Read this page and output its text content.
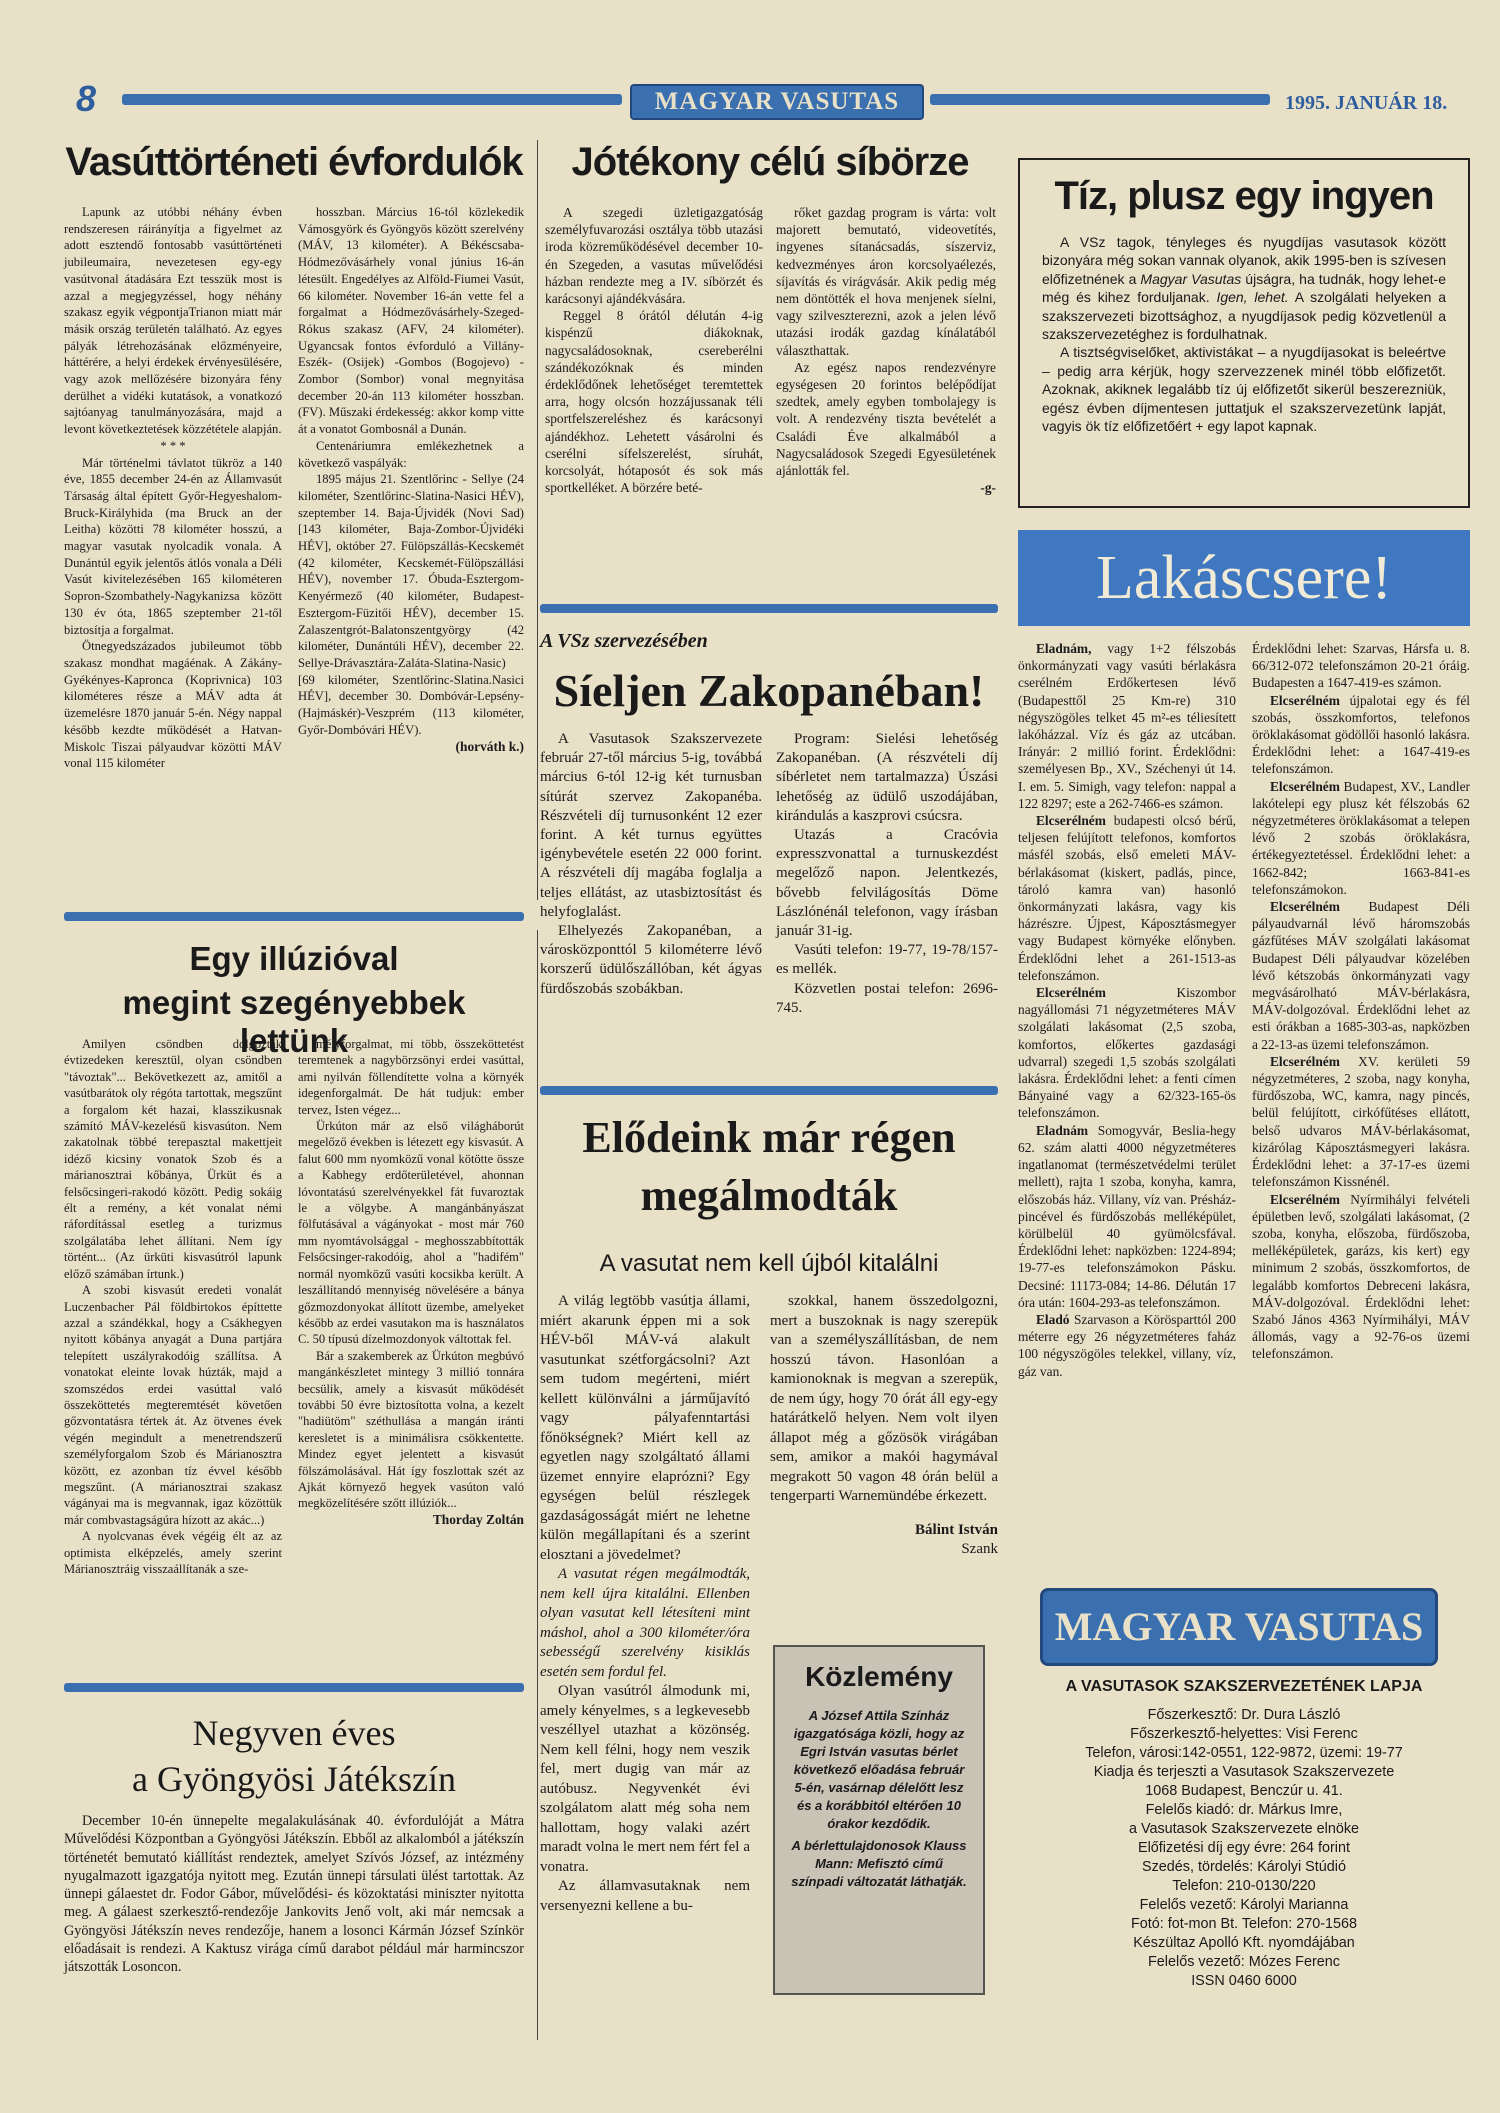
8	MAGYAR VASUTAS	1995. JANUÁR 18.
Vasúttörténeti évfordulók

Lapunk az utóbbi néhány évben rendszeresen ráirányítja a figyelmet az adott esztendő fontosabb vasúttörténeti jubileumaira, nevezetesen egy-egy vasútvonal átadására Ezt tesszük most is azzal a megjegyzéssel, hogy néhány szakasz egyik végpontjaTrianon miatt már másik ország területén található. Az egyes pályák létrehozásának előzményeire, háttérére, a helyi érdekek érvényesülésére, vagy azok mellőzésére bizonyára fény derülhet a vidéki kutatások, a vonatkozó sajtóanyag tanulmányozására, majd a levont következtetések közzététele alapján.

* * *

Már történelmi távlatot tükröz a 140 éve, 1855 december 24-én az Államvasút Társaság által épített Győr-Hegyeshalom-Bruck-Királyhida (ma Bruck an der Leitha) közötti 78 kilométer hosszú, a magyar vasutak nyolcadik vonala. A Dunántúl egyik jelentős átlós vonala a Déli Vasút kivitelezésében 165 kilométeren Sopron-Szombathely-Nagykanizsa között 130 év óta, 1865 szeptember 21-től biztosítja a forgalmat.

Ötnegyedszázados jubileumot több szakasz mondhat magáénak. A Zákány-Gyékényes-Kapronca (Koprivnica) 103 kilométeres része a MÁV adta át üzemelésre 1870 január 5-én. Négy nappal később kezdte működését a Hatvan-Miskolc Tiszai pályaudvar közötti MÁV vonal 115 kilométer

hosszban. Március 16-tól közlekedik Vámosgyörk és Gyöngyös között szerelvény (MÁV, 13 kilométer). A Békéscsaba-Hódmezővásárhely vonal június 16-án létesült. Engedélyes az Alföld-Fiumei Vasút, 66 kilométer. November 16-án vette fel a forgalmat a Hódmezővásárhely-Szeged-Rókus szakasz (AFV, 24 kilométer). Ugyancsak fontos évforduló a Villány-Eszék- (Osijek) -Gombos (Bogojevo) - Zombor (Sombor) vonal megnyitása december 20-án 113 kilométer hosszban. (FV). Műszaki érdekesség: akkor komp vitte át a vonatot Gombosnál a Dunán.

Centenáriumra emlékezhetnek a következő vaspályák:

1895 május 21. Szentlőrinc - Sellye (24 kilométer, Szentlőrinc-Slatina-Nasici HÉV), szeptember 14. Baja-Újvidék (Novi Sad) [143 kilométer, Baja-Zombor-Újvidéki HÉV], október 27. Fülöpszállás-Kecskemét (42 kilométer, Kecskemét-Fülöpszállási HÉV), november 17. Óbuda-Esztergom-Kenyérmező (40 kilométer, Budapest-Esztergom-Füzitői HÉV), december 15. Zalaszentgrót-Balatonszentgyörgy (42 kilométer, Dunántúli HÉV), december 22. Sellye-Drávasztára-Zaláta-Slatina-Nasic) [69 kilométer, Szentlőrinc-Slatina.Nasici HÉV], december 30. Dombóvár-Lepsény-(Hajmáskér)-Veszprém (113 kilométer, Győr-Dombóvári HÉV).

(horváth k.)
Jótékony célú síbörze

A szegedi üzletigazgatóság személyfuvarozási osztálya több utazási iroda közreműködésével december 10-én Szegeden, a vasutas művelődési házban rendezte meg a IV. síbörzét és karácsonyi ajándékvására.

Reggel 8 órától délután 4-ig kispénzű diákoknak, nagycsaládosoknak, csereberélni szándékozóknak és minden érdeklődőnek lehetőséget teremtettek arra, hogy olcsón hozzájussanak téli sportfelszereléshez és karácsonyi ajándékhoz. Lehetett vásárolni és cserélni sífelszerelést, síruhát, korcsolyát, hótaposót és sok más sportkelléket. A börzére beté-

rőket gazdag program is várta: volt majorett bemutató, videovetítés, ingyenes sítanácsadás, síszerviz, kedvezményes áron korcsolyaélezés, síjavítás és virágvásár. Akik pedig még nem döntötték el hova menjenek síelni, vagy szilveszterezni, azok a jelen lévő utazási irodák gazdag kínálatából választhattak.

Az egész napos rendezvényre egységesen 20 forintos belépődíjat szedtek, amely egyben tombolajegy is volt. A rendezvény tiszta bevételét a Családi Éve alkalmából a Nagycsaládosok Szegedi Egyesületének ajánlották fel.

-g-
Tíz, plusz egy ingyen

A VSz tagok, tényleges és nyugdíjas vasutasok között bizonyára még sokan vannak olyanok, akik 1995-ben is szívesen előfizetnének a Magyar Vasutas újságra, ha tudnák, hogy lehet-e még és kihez forduljanak. Igen, lehet. A szolgálati helyeken a szakszervezeti bizottsághoz, a nyugdíjasok pedig közvetlenül a szakszervezetéghez is fordulhatnak.

A tisztségviselőket, aktivistákat – a nyugdíjasokat is beleértve – pedig arra kérjük, hogy szervezzenek minél több előfizetőt. Azoknak, akiknek legalább tíz új előfizetőt sikerül beszerezniük, egész évben díjmentesen juttatjuk el szakszervezetünk lapját, vagyis ök tíz előfizetőért + egy lapot kapnak.

Lakáscsere!

Eladnám, vagy 1+2 félszobás önkormányzati vagy vasúti bérlakásra cserélném Erdőkertesen lévő (Budapesttől 25 Km-re) 310 négyszögöles telket 45 m²-es téliesített lakóházzal. Víz és gáz az utcában. Irányár: 2 millió forint. Érdeklődni: személyesen Bp., XV., Széchenyi út 14. I. em. 5. Simigh, vagy telefon: nappal a 122 8297; este a 262-7466-es számon.

Elcserélném budapesti olcsó bérű, teljesen felújított telefonos, komfortos másfél szobás, első emeleti MÁV-bérlakásomat (kiskert, padlás, pince, tároló kamra van) hasonló önkormányzati lakásra, vagy kis házrészre. Újpest, Káposztásmegyer vagy Budapest környéke előnyben. Érdeklődni lehet a 261-1513-as telefonszámon.

Elcserélném Kiszombor nagyállomási 71 négyzetméteres MÁV szolgálati lakásomat (2,5 szoba, komfortos, előkertes gazdasági udvarral) szegedi 1,5 szobás szolgálati lakásra. Érdeklődni lehet: a fenti címen Bányainé vagy a 62/323-165-ös telefonszámon.

Eladnám Somogyvár, Beslia-hegy 62. szám alatti 4000 négyzetméteres ingatlanomat (természetvédelmi terület mellett), rajta 1 szoba, konyha, kamra, előszobás ház. Villany, víz van. Présház-pincével és fürdőszobás melléképület, körülbelül 40 gyümölcsfával. Érdeklődni lehet: napközben: 1224-894; 19-77-es telefonszámokon Pásku. Decsiné: 11173-084; 14-86. Délután 17 óra után: 1604-293-as telefonszámon.

Eladó Szarvason a Körösparttól 200 méterre egy 26 négyzetméteres faház 100 négyszögöles telekkel, villany, víz, gáz van.

Érdeklődni lehet: Szarvas, Hársfa u. 8. 66/312-072 telefonszámon 20-21 óráig. Budapesten a 1647-419-es számon.

Elcserélném újpalotai egy és fél szobás, összkomfortos, telefonos öröklakásomat gödöllői hasonló lakásra. Érdeklődni lehet: a 1647-419-es telefonszámon.

Elcserélném Budapest, XV., Landler lakótelepi egy plusz két félszobás 62 négyzetméteres öröklakásomat a telepen lévő 2 szobás öröklakásra, értékegyeztetéssel. Érdeklődni lehet: a 1662-842; 1663-841-es telefonszámokon.

Elcserélném Budapest Déli pályaudvarnál lévő háromszobás gázfűtéses MÁV szolgálati lakásomat Budapest Déli pályaudvar közelében lévő kétszobás önkormányzati vagy megvásárolható MÁV-bérlakásra, MÁV-dolgozóval. Érdeklődni lehet az esti órákban a 1685-303-as, napközben a 22-13-as üzemi telefonszámon.

Elcserélném XV. kerületi 59 négyzetméteres, 2 szoba, nagy konyha, fürdőszoba, WC, kamra, nagy pincés, belül felújított, cirkófűtéses ellátott, belső udvaros MÁV-bérlakásomat, kizárólag Káposztásmegyeri lakásra. Érdeklődni lehet: a 37-17-es üzemi telefonszámon Kissnénél.

Elcserélném Nyírmihályi felvételi épületben levő, szolgálati lakásomat, (2 szoba, konyha, előszoba, fürdőszoba, melléképületek, garázs, kis kert) egy minimum 2 szobás, összkomfortos, de legalább komfortos Debreceni lakásra, MÁV-dolgozóval. Érdeklődni lehet: Szabó János 4363 Nyírmihályi, MÁV állomás, vagy a 92-76-os üzemi telefonszámon.

A VSz szervezésében
Síeljen Zakopanéban!

A Vasutasok Szakszervezete február 27-től március 5-ig, továbbá március 6-tól 12-ig két turnusban sítúrát szervez Zakopanéba. Részvételi díj turnusonként 12 ezer forint. A két turnus együttes igénybevétele esetén 22 000 forint. A részvételi díj magába foglalja a teljes ellátást, az utasbiztosítást és helyfoglalást.

Elhelyezés Zakopanéban, a városközponttól 5 kilométerre lévő korszerű üdülőszállóban, két ágyas fürdőszobás szobákban.

Program: Sielési lehetőség Zakopanéban. (A részvételi díj síbérletet nem tartalmazza) Úszási lehetőség az üdülő uszodájában, kirándulás a kaszprovi csúcsra.

Utazás a Cracóvia expresszvonattal a turnuskezdést megelőző napon. Jelentkezés, bővebb felvilágosítás Döme Lászlónénál telefonon, vagy írásban január 31-ig.

Vasúti telefon: 19-77, 19-78/157-es mellék.

Közvetlen postai telefon: 2696-745.

Egy illúzióval
megint szegényebbek lettünk

Amilyen csöndben dolgoztak évtizedeken keresztül, olyan csöndben "távoztak"... Bekövetkezett az, amitől a vasútbarátok oly régóta tartottak, megszűnt a forgalom két hazai, klasszikusnak számító MÁV-kezelésű kisvasúton. Nem zakatolnak többé terepasztal makettjeit idéző kicsiny vonatok Szob és a márianosztrai kőbánya, Ürküt és a felsőcsingeri-rakodó között. Pedig sokáig élt a remény, a két vonalat némi ráfordítással esetleg a turizmus szolgálatába lehet állítani. Nem így történt... (Az ürküti kisvasútról lapunk előző számában írtunk.)

A szobi kisvasút eredeti vonalát Luczenbacher Pál földbirtokos építtette azzal a szándékkal, hogy a Csákhegyen nyitott kőbánya anyagát a Duna partjára telepített uszályrakodóig szállítsa. A vonatokat eleinte lovak húzták, majd a szomszédos erdei vasúttal való összeköttetés megteremtését követően gőzvontatásra tértek át. Az ötvenes évek végén megindult a menetrendszerű személyforgalom Szob és Márianosztra között, ez azonban tíz évvel később megszűnt. (A márianosztrai szakasz vágányai ma is megvannak, igaz közöttük már combvastagságúra hízott az akác...)

A nyolcvanas évek végéig élt az az optimista elképzelés, amely szerint Márianosztráig visszaállítanák a sze-

mélyforgalmat, mi több, összeköttetést teremtenek a nagybörzsönyi erdei vasúttal, ami nyilván föllendítette volna a környék idegenforgalmát. De hát tudjuk: ember tervez, Isten végez...

Ürkúton már az első világháborút megelőző években is létezett egy kisvasút. A falut 600 mm nyomközű vonal kötötte össze a Kabhegy erdőterületével, ahonnan lóvontatású szerelvényekkel fát fuvaroztak le a völgybe. A mangánbányászat fölfutásával a vágányokat - most már 760 mm nyomtávolsággal - meghosszabbították Felsőcsinger-rakodóig, ahol a "hadifém" normál nyomközű vasúti kocsikba került. A leszállítandó mennyiség növelésére a bánya gőzmozdonyokat állított üzembe, amelyeket később az erdei vasutakon ma is használatos C. 50 típusú dízelmozdonyok váltottak fel.

Bár a szakemberek az Ürkúton megbúvó mangánkészletet mintegy 3 millió tonnára becsülik, amely a kisvasút működését további 50 évre biztosította volna, a kezelt "hadiütöm" széthullása a mangán iránti keresletet is a minimálisra csökkentette. Mindez egyet jelentett a kisvasút fölszámolásával. Hát így foszlottak szét az Ajkát környező hegyek vasúton való megközelítésére szőtt illúziók...

Thorday Zoltán
Negyven éves
a Gyöngyösi Játékszín

December 10-én ünnepelte megalakulásának 40. évfordulóját a Mátra Művelődési Központban a Gyöngyösi Játékszín. Ebből az alkalomból a játékszín történetét bemutató kiállítást rendeztek, amelyet Szívós József, az intézmény nyugalmazott igazgatója nyitott meg. Ezután ünnepi társulati ülést tartottak. Az ünnepi gálaestet dr. Fodor Gábor, művelődési- és közoktatási miniszter nyitotta meg. A gálaest szerkesztő-rendezője Jankovits Jenő volt, aki már nemcsak a Gyöngyösi Játékszín neves rendezője, hanem a losonci Kármán József Színkör előadásait is rendezi. A Kaktusz virága című darabot például már harmincszor játszották Losoncon.

Elődeink már régen
megálmodták
A vasutat nem kell újból kitalálni

A világ legtöbb vasútja állami, miért akarunk éppen mi a sok HÉV-ből MÁV-vá alakult vasutunkat szétforgácsolni? Azt sem tudom megérteni, miért kellett különválni a járműjavító vagy pályafenntartási főnökségnek? Miért kell az egyetlen nagy szolgáltató állami üzemet ennyire elaprózni? Egy egységen belül részlegek gazdaságosságát miért ne lehetne külön megállapítani és a szerint elosztani a jövedelmet?

A vasutat régen megálmodták, nem kell újra kitalálni. Ellenben olyan vasutat kell létesíteni mint máshol, ahol a 300 kilométer/óra sebességű szerelvény kisiklás esetén sem fordul fel.

Olyan vasútról álmodunk mi, amely kényelmes, s a legkevesebb veszéllyel utazhat a közönség. Nem kell félni, hogy nem veszik fel, mert dugig van már az autóbusz. Negyvenkét évi szolgálatom alatt még soha nem hallottam, hogy valaki azért maradt volna le mert nem fért fel a vonatra.

Az államvasutaknak nem versenyezni kellene a bu-

szokkal, hanem összedolgozni, mert a buszoknak is nagy szerepük van a személyszállításban, de nem hosszú távon. Hasonlóan a kamionoknak is megvan a szerepük, de nem úgy, hogy 70 órát áll egy-egy határátkelő helyen. Nem volt ilyen állapot még a gőzösök virágában sem, amikor a makói hagymával megrakott 50 vagon 48 órán belül a tengerparti Warnemündébe érkezett.

Bálint István
Szank
Közlemény
A József Attila Színház igazgatósága közli, hogy az Egri István vasutas bérlet következő előadása február 5-én, vasárnap délelőtt lesz és a korábbitól eltérően 10 órakor kezdődik.
A bérlettulajdonosok Klauss Mann: Mefisztó című színpadi változatát láthatják.
MAGYAR VASUTAS
A VASUTASOK SZAKSZERVEZETÉNEK LAPJA
Főszerkesztő: Dr. Dura László
Főszerkesztő-helyettes: Visi Ferenc
Telefon, városi:142-0551, 122-9872, üzemi: 19-77
Kiadja és terjeszti a Vasutasok Szakszervezete
1068 Budapest, Benczúr u. 41.
Felelős kiadó: dr. Márkus Imre,
a Vasutasok Szakszervezete elnöke
Előfizetési díj egy évre: 264 forint
Szedés, tördelés: Károlyi Stúdió
Telefon: 210-0130/220
Felelős vezető: Károlyi Marianna
Fotó: fot-mon Bt. Telefon: 270-1568
Készültaz Apolló Kft. nyomdájában
Felelős vezető: Mózes Ferenc
ISSN 0460 6000
